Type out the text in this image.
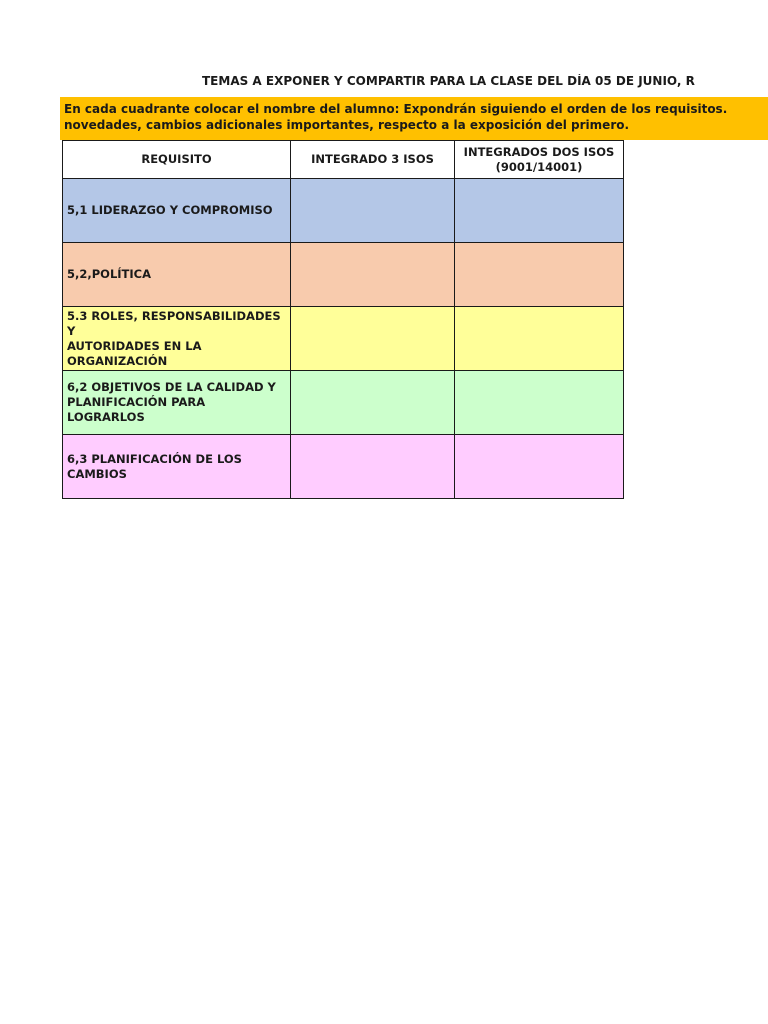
TEMAS A EXPONER Y COMPARTIR PARA LA CLASE DEL DÍA 05 DE JUNIO, R
En cada cuadrante colocar el nombre del alumno: Expondrán siguiendo el orden de los requisitos.
novedades, cambios adicionales importantes, respecto a la exposición del primero.
REQUISITO	INTEGRADO 3 ISOS	INTEGRADOS DOS ISOS
(9001/14001)

5,1 LIDERAZGO Y COMPROMISO		

5,2,POLÍTICA		

5.3 ROLES, RESPONSABILIDADES Y
AUTORIDADES EN LA ORGANIZACIÓN		

6,2 OBJETIVOS DE LA CALIDAD Y
PLANIFICACIÓN PARA LOGRARLOS		

6,3 PLANIFICACIÓN DE LOS CAMBIOS		
